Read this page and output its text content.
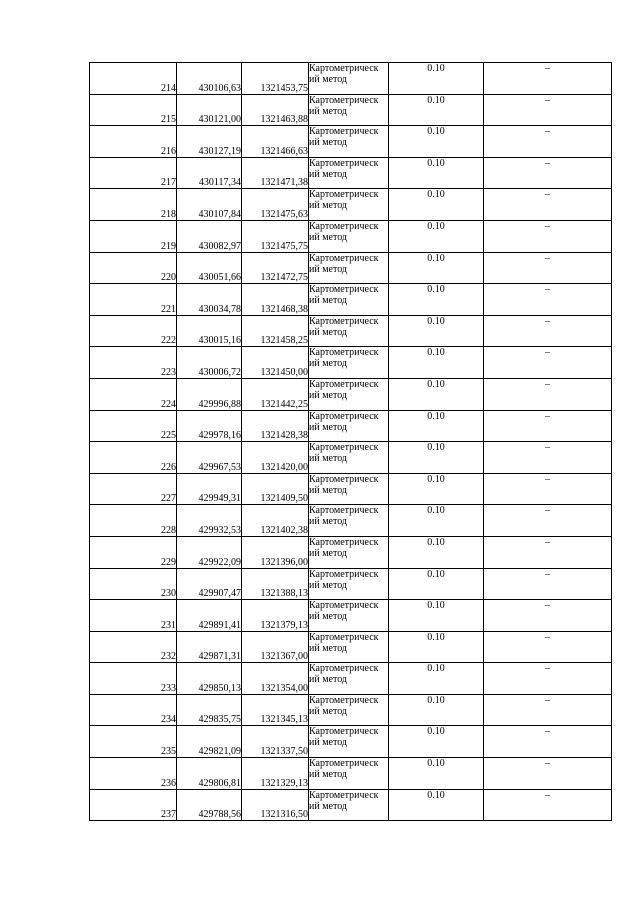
214	430106,63	1321453,75	Картометрическ
ий метод	0.10	–
215	430121,00	1321463,88	Картометрическ
ий метод	0.10	–
216	430127,19	1321466,63	Картометрическ
ий метод	0.10	–
217	430117,34	1321471,38	Картометрическ
ий метод	0.10	–
218	430107,84	1321475,63	Картометрическ
ий метод	0.10	–
219	430082,97	1321475,75	Картометрическ
ий метод	0.10	–
220	430051,66	1321472,75	Картометрическ
ий метод	0.10	–
221	430034,78	1321468,38	Картометрическ
ий метод	0.10	–
222	430015,16	1321458,25	Картометрическ
ий метод	0.10	–
223	430006,72	1321450,00	Картометрическ
ий метод	0.10	–
224	429996,88	1321442,25	Картометрическ
ий метод	0.10	–
225	429978,16	1321428,38	Картометрическ
ий метод	0.10	–
226	429967,53	1321420,00	Картометрическ
ий метод	0.10	–
227	429949,31	1321409,50	Картометрическ
ий метод	0.10	–
228	429932,53	1321402,38	Картометрическ
ий метод	0.10	–
229	429922,09	1321396,00	Картометрическ
ий метод	0.10	–
230	429907,47	1321388,13	Картометрическ
ий метод	0.10	–
231	429891,41	1321379,13	Картометрическ
ий метод	0.10	–
232	429871,31	1321367,00	Картометрическ
ий метод	0.10	–
233	429850,13	1321354,00	Картометрическ
ий метод	0.10	–
234	429835,75	1321345,13	Картометрическ
ий метод	0.10	–
235	429821,09	1321337,50	Картометрическ
ий метод	0.10	–
236	429806,81	1321329,13	Картометрическ
ий метод	0.10	–
237	429788,56	1321316,50	Картометрическ
ий метод	0.10	–
